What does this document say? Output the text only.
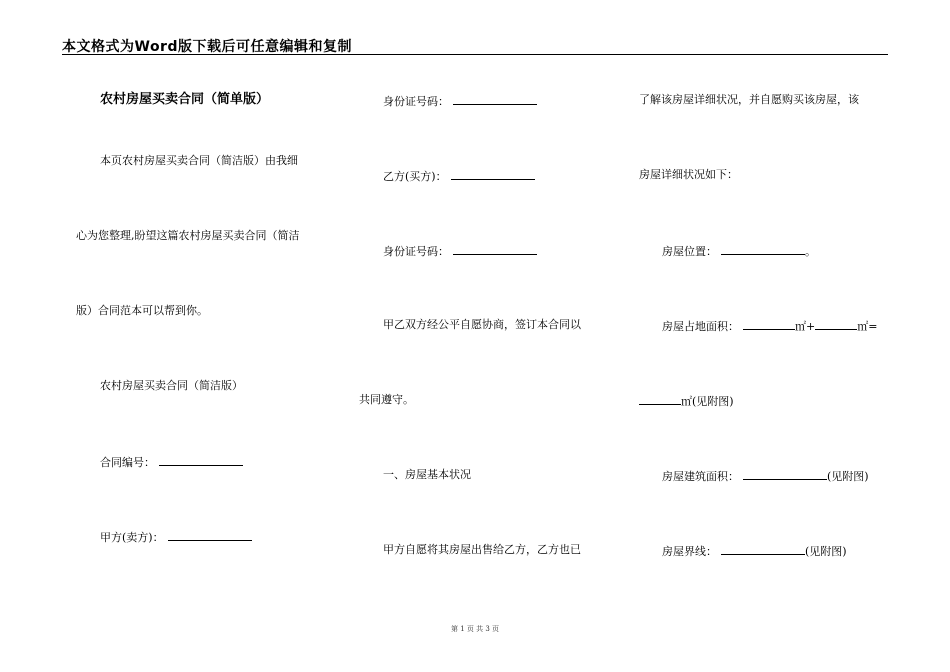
本文格式为Word版下载后可任意编辑和复制
农村房屋买卖合同（简单版）
本页农村房屋买卖合同（简洁版）由我细
心为您整理,盼望这篇农村房屋买卖合同（简洁
版）合同范本可以帮到你。
农村房屋买卖合同（简洁版）
合同编号：
甲方(卖方)：
身份证号码：
乙方(买方)：
身份证号码：
甲乙双方经公平自愿协商，签订本合同以
共同遵守。
一、房屋基本状况
甲方自愿将其房屋出售给乙方，乙方也已
了解该房屋详细状况，并自愿购买该房屋，该
房屋详细状况如下：
房屋位置：	。
房屋占地面积：	㎡+	㎡=
㎡(见附图)
房屋建筑面积：	(见附图)
房屋界线：	(见附图)
第 1 页 共 3 页
